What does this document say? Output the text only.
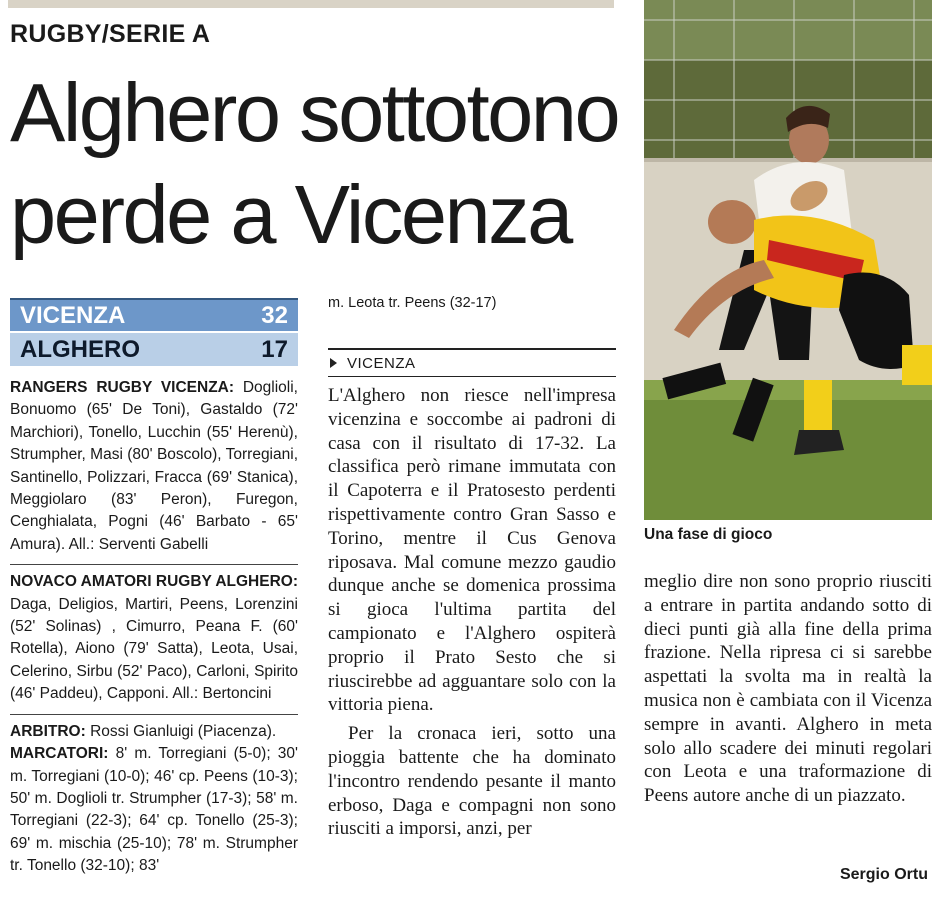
RUGBY/SERIE A
Alghero sottotono
perde a Vicenza
VICENZA	32
ALGHERO	17

RANGERS RUGBY VICENZA: Doglioli, Bonuomo (65' De Toni), Gastaldo (72' Marchiori), Tonello, Lucchin (55' Herenù), Strumpher, Masi (80' Boscolo), Torregiani, Santinello, Polizzari, Fracca (69' Stanica), Meggiolaro (83' Peron), Furegon, Cenghialata, Pogni (46' Barbato - 65' Amura). All.: Serventi Gabelli

NOVACO AMATORI RUGBY ALGHERO: Daga, Deligios, Martiri, Peens, Lorenzini (52' Solinas) , Cimurro, Peana F. (60' Rotella), Aiono (79' Satta), Leota, Usai, Celerino, Sirbu (52' Paco), Carloni, Spirito (46' Paddeu), Capponi. All.: Bertoncini

ARBITRO: Rossi Gianluigi (Piacenza).

MARCATORI: 8' m. Torregiani (5-0); 30' m. Torregiani (10-0); 46' cp. Peens (10-3); 50' m. Doglioli tr. Strumpher (17-3); 58' m. Torregiani (22-3); 64' cp. Tonello (25-3); 69' m. mischia (25-10); 78' m. Strumpher tr. Tonello (32-10); 83'

m. Leota tr. Peens (32-17)
VICENZA

L'Alghero non riesce nell'impresa vicenzina e soccombe ai padroni di casa con il risultato di 17-32. La classifica però rimane immutata con il Capoterra e il Pratosesto perdenti rispettivamente contro Gran Sasso e Torino, mentre il Cus Genova riposava. Mal comune mezzo gaudio dunque anche se domenica prossima si gioca l'ultima partita del campionato e l'Alghero ospiterà proprio il Prato Sesto che si riuscirebbe ad agguantare solo con la vittoria piena.

Per la cronaca ieri, sotto una pioggia battente che ha dominato l'incontro rendendo pesante il manto erboso, Daga e compagni non sono riusciti a imporsi, anzi, per

Una fase di gioco

meglio dire non sono proprio riusciti a entrare in partita andando sotto di dieci punti già alla fine della prima frazione. Nella ripresa ci si sarebbe aspettati la svolta ma in realtà la musica non è cambiata con il Vicenza sempre in avanti. Alghero in meta solo allo scadere dei minuti regolari con Leota e una traformazione di Peens autore anche di un piazzato.

Sergio Ortu
